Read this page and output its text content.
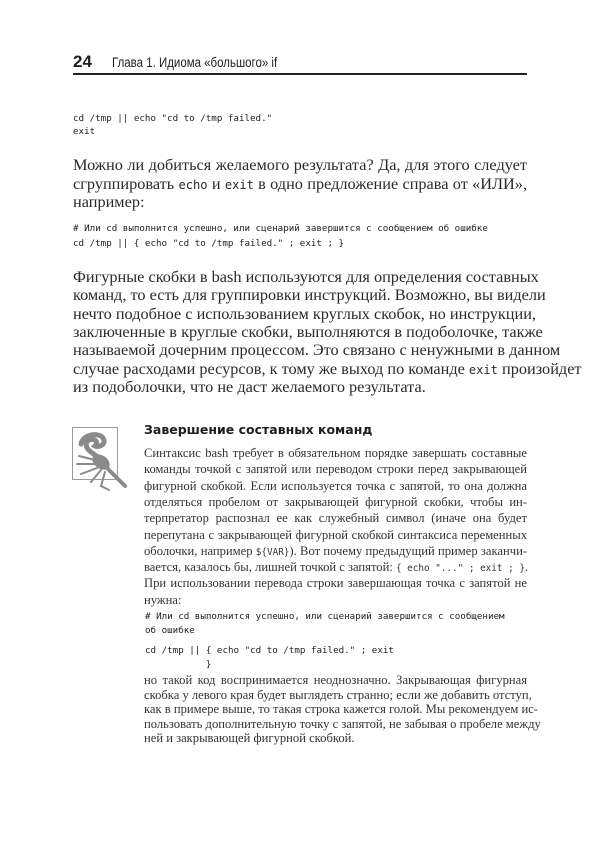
24 Глава 1. Идиома «большого» if
cd /tmp || echo "cd to /tmp failed."
exit
Можно ли добиться желаемого результата? Да, для этого следует
сгруппировать echo и exit в одно предложение справа от «ИЛИ»,
например:
# Или cd выполнится успешно, или сценарий завершится с сообщением об ошибке
cd /tmp || { echo "cd to /tmp failed." ; exit ; }
Фигурные скобки в bash используются для определения составных
команд, то есть для группировки инструкций. Возможно, вы видели
нечто подобное с использованием круглых скобок, но инструкции,
заключенные в круглые скобки, выполняются в подоболочке, также
называемой дочерним процессом. Это связано с ненужными в данном
случае расходами ресурсов, к тому же выход по команде exit произойдет
из подоболочки, что не даст желаемого результата.
Завершение составных команд
Синтаксис bash требует в обязательном порядке завершать составные
команды точкой с запятой или переводом строки перед закрывающей
фигурной скобкой. Если используется точка с запятой, то она должна
отделяться пробелом от закрывающей фигурной скобки, чтобы ин-
терпретатор распознал ее как служебный символ (иначе она будет
перепутана с закрывающей фигурной скобкой синтаксиса переменных
оболочки, например ${VAR}). Вот почему предыдущий пример заканчи-
вается, казалось бы, лишней точкой с запятой: { echo "..." ; exit ; }.
При использовании перевода строки завершающая точка с запятой не
нужна:
# Или cd выполнится успешно, или сценарий завершится с сообщением
об ошибке
cd /tmp || { echo "cd to /tmp failed." ; exit
}
но такой код воспринимается неоднозначно. Закрывающая фигурная
скобка у левого края будет выглядеть странно; если же добавить отступ,
как в примере выше, то такая строка кажется голой. Мы рекомендуем ис-
пользовать дополнительную точку с запятой, не забывая о пробеле между
ней и закрывающей фигурной скобкой.
